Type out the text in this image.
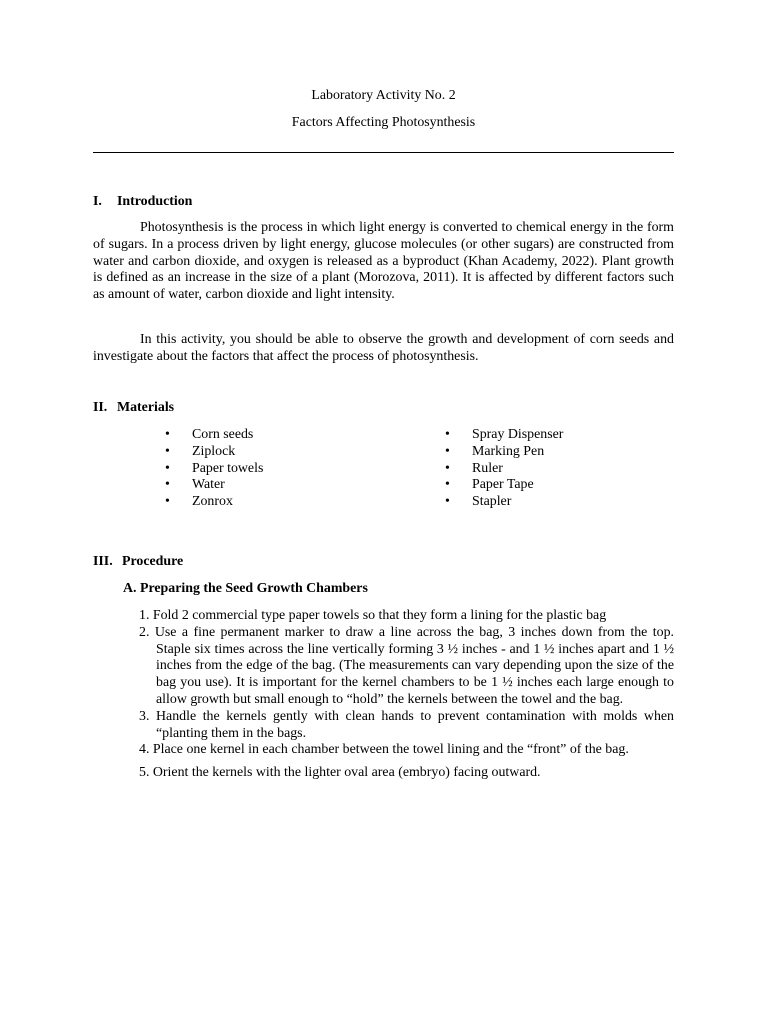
Laboratory Activity No. 2
Factors Affecting Photosynthesis
I. Introduction

Photosynthesis is the process in which light energy is converted to chemical energy in the form of sugars. In a process driven by light energy, glucose molecules (or other sugars) are constructed from water and carbon dioxide, and oxygen is released as a byproduct (Khan Academy, 2022). Plant growth is defined as an increase in the size of a plant (Morozova, 2011). It is affected by different factors such as amount of water, carbon dioxide and light intensity.

In this activity, you should be able to observe the growth and development of corn seeds and investigate about the factors that affect the process of photosynthesis.

II. Materials
• Corn seeds
• Ziplock
• Paper towels
• Water
• Zonrox
• Spray Dispenser
• Marking Pen
• Ruler
• Paper Tape
• Stapler
III. Procedure
A. Preparing the Seed Growth Chambers
1. Fold 2 commercial type paper towels so that they form a lining for the plastic bag
2. Use a fine permanent marker to draw a line across the bag, 3 inches down from the top. Staple six times across the line vertically forming 3 ½ inches - and 1 ½ inches apart and 1 ½ inches from the edge of the bag. (The measurements can vary depending upon the size of the bag you use). It is important for the kernel chambers to be 1 ½ inches each large enough to allow growth but small enough to “hold” the kernels between the towel and the bag.
3. Handle the kernels gently with clean hands to prevent contamination with molds when “planting them in the bags.
4. Place one kernel in each chamber between the towel lining and the “front” of the bag.
5. Orient the kernels with the lighter oval area (embryo) facing outward.
